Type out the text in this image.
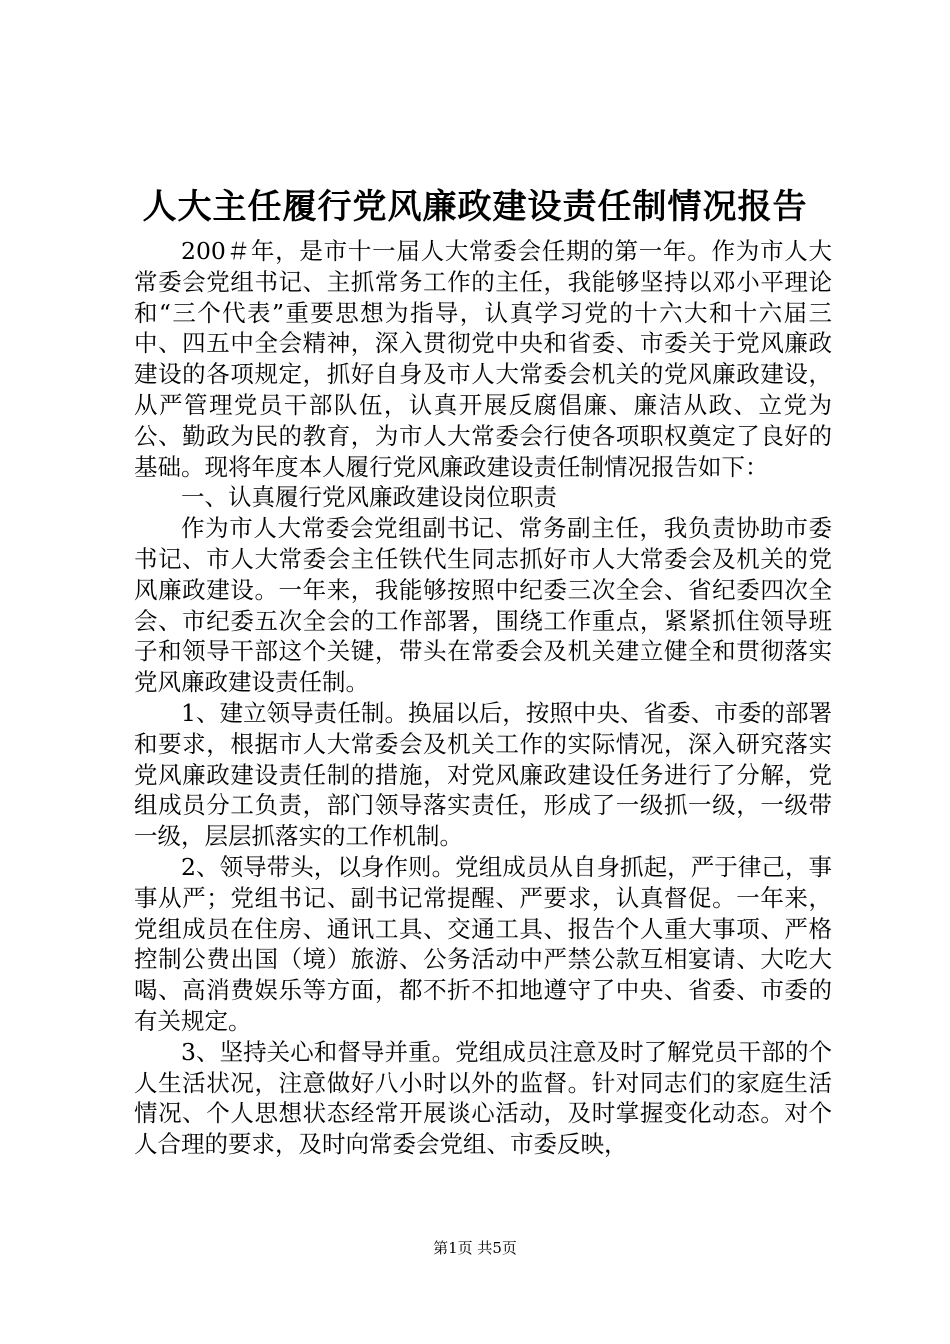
人大主任履行党风廉政建设责任制情况报告

200＃年，是市十一届人大常委会任期的第一年。作为市人大常委会党组书记、主抓常务工作的主任，我能够坚持以邓小平理论和“三个代表”重要思想为指导，认真学习党的十六大和十六届三中、四五中全会精神，深入贯彻党中央和省委、市委关于党风廉政建设的各项规定，抓好自身及市人大常委会机关的党风廉政建设，从严管理党员干部队伍，认真开展反腐倡廉、廉洁从政、立党为公、勤政为民的教育，为市人大常委会行使各项职权奠定了良好的基础。现将年度本人履行党风廉政建设责任制情况报告如下：

一、认真履行党风廉政建设岗位职责

作为市人大常委会党组副书记、常务副主任，我负责协助市委书记、市人大常委会主任铁代生同志抓好市人大常委会及机关的党风廉政建设。一年来，我能够按照中纪委三次全会、省纪委四次全会、市纪委五次全会的工作部署，围绕工作重点，紧紧抓住领导班子和领导干部这个关键，带头在常委会及机关建立健全和贯彻落实党风廉政建设责任制。

1、建立领导责任制。换届以后，按照中央、省委、市委的部署和要求，根据市人大常委会及机关工作的实际情况，深入研究落实党风廉政建设责任制的措施，对党风廉政建设任务进行了分解，党组成员分工负责，部门领导落实责任，形成了一级抓一级，一级带一级，层层抓落实的工作机制。

2、领导带头，以身作则。党组成员从自身抓起，严于律己，事事从严；党组书记、副书记常提醒、严要求，认真督促。一年来，党组成员在住房、通讯工具、交通工具、报告个人重大事项、严格控制公费出国（境）旅游、公务活动中严禁公款互相宴请、大吃大喝、高消费娱乐等方面，都不折不扣地遵守了中央、省委、市委的有关规定。

3、坚持关心和督导并重。党组成员注意及时了解党员干部的个人生活状况，注意做好八小时以外的监督。针对同志们的家庭生活情况、个人思想状态经常开展谈心活动，及时掌握变化动态。对个人合理的要求，及时向常委会党组、市委反映，

第1页 共5页
